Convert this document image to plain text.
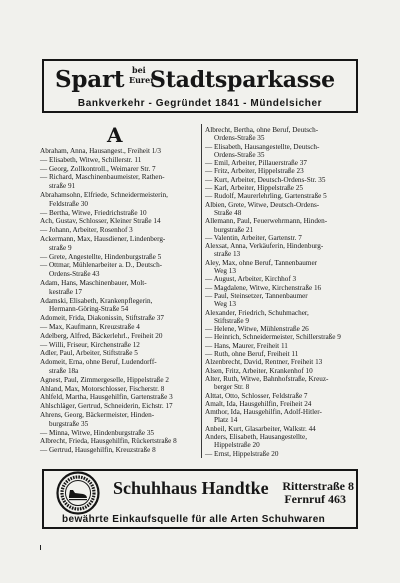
Spart bei
Eurer
Stadtsparkasse
Bankverkehr - Gegründet 1841 - Mündelsicher
A
Abraham, Anna, Hausangest., Freiheit 1/3
— Elisabeth, Witwe, Schillerstr. 11
— Georg, Zollkontroll., Weimarer Str. 7
— Richard, Maschinenbaumeister, Rathen-
straße 91
Abrahamsohn, Elfriede, Schneidermeisterin,
Feldstraße 30
— Bertha, Witwe, Friedrichstraße 10
Ach, Gustav, Schlosser, Kleiner Straße 14
— Johann, Arbeiter, Rosenhof 3
Ackermann, Max, Hausdiener, Lindenberg-
straße 9
— Grete, Angestellte, Hindenburgstraße 5
— Ottmar, Mühlenarbeiter a. D., Deutsch-
Ordens-Straße 43
Adam, Hans, Maschinenbauer, Molt-
kestraße 17
Adamski, Elisabeth, Krankenpflegerin,
Hermann-Göring-Straße 54
Adomeit, Frida, Diakonissin, Stiftstraße 37
— Max, Kaufmann, Kreuzstraße 4
Adelberg, Alfred, Bäckerlehrl., Freiheit 20
— Willi, Friseur, Kirchenstraße 12
Adler, Paul, Arbeiter, Stiftstraße 5
Adomeit, Erna, ohne Beruf, Ludendorff-
straße 18a
Agnest, Paul, Zimmergeselle, Hippelstraße 2
Ahland, Max, Motorschlosser, Fischerstr. 8
Ahlfeld, Martha, Hausgehilfin, Gartenstraße 3
Ahlschläger, Gertrud, Schneiderin, Eichstr. 17
Ahrens, Georg, Bäckermeister, Hinden-
burgstraße 35
— Minna, Witwe, Hindenburgstraße 35
Albrecht, Frieda, Hausgehilfin, Rückertstraße 8
— Gertrud, Hausgehilfin, Kreuzstraße 8
Albrecht, Bertha, ohne Beruf, Deutsch-
Ordens-Straße 35
— Elisabeth, Hausangestellte, Deutsch-
Ordens-Straße 35
— Emil, Arbeiter, Pillauerstraße 37
— Fritz, Arbeiter, Hippelstraße 23
— Kurt, Arbeiter, Deutsch-Ordens-Str. 35
— Karl, Arbeiter, Hippelstraße 25
— Rudolf, Maurerlehrling, Gartenstraße 5
Albien, Grete, Witwe, Deutsch-Ordens-
Straße 48
Allemann, Paul, Feuerwehrmann, Hinden-
burgstraße 21
— Valentin, Arbeiter, Gartenstr. 7
Alexsat, Anna, Verkäuferin, Hindenburg-
straße 13
Aley, Max, ohne Beruf, Tannenbaumer
Weg 13
— August, Arbeiter, Kirchhof 3
— Magdalene, Witwe, Kirchenstraße 16
— Paul, Steinsetzer, Tannenbaumer
Weg 13
Alexander, Friedrich, Schuhmacher,
Stiftstraße 9
— Helene, Witwe, Mühlenstraße 26
— Heinrich, Schneidermeister, Schillerstraße 9
— Hans, Maurer, Freiheit 11
— Ruth, ohne Beruf, Freiheit 11
Alzenbrecht, David, Rentner, Freiheit 13
Alsen, Fritz, Arbeiter, Krankenhof 10
Alter, Ruth, Witwe, Bahnhofstraße, Kreuz-
berger Str. 8
Alttat, Otto, Schlosser, Feldstraße 7
Amalt, Ida, Hausgehilfin, Freiheit 24
Amthor, Ida, Hausgehilfin, Adolf-Hitler-
Platz 14
Anbeil, Kurt, Glasarbeiter, Walkstr. 44
Anders, Elisabeth, Hausangestellte,
Hippelstraße 20
— Ernst, Hippelstraße 20
Schuhhaus Handtke Ritterstraße 8
Fernruf 463
bewährte Einkaufsquelle für alle Arten Schuhwaren
